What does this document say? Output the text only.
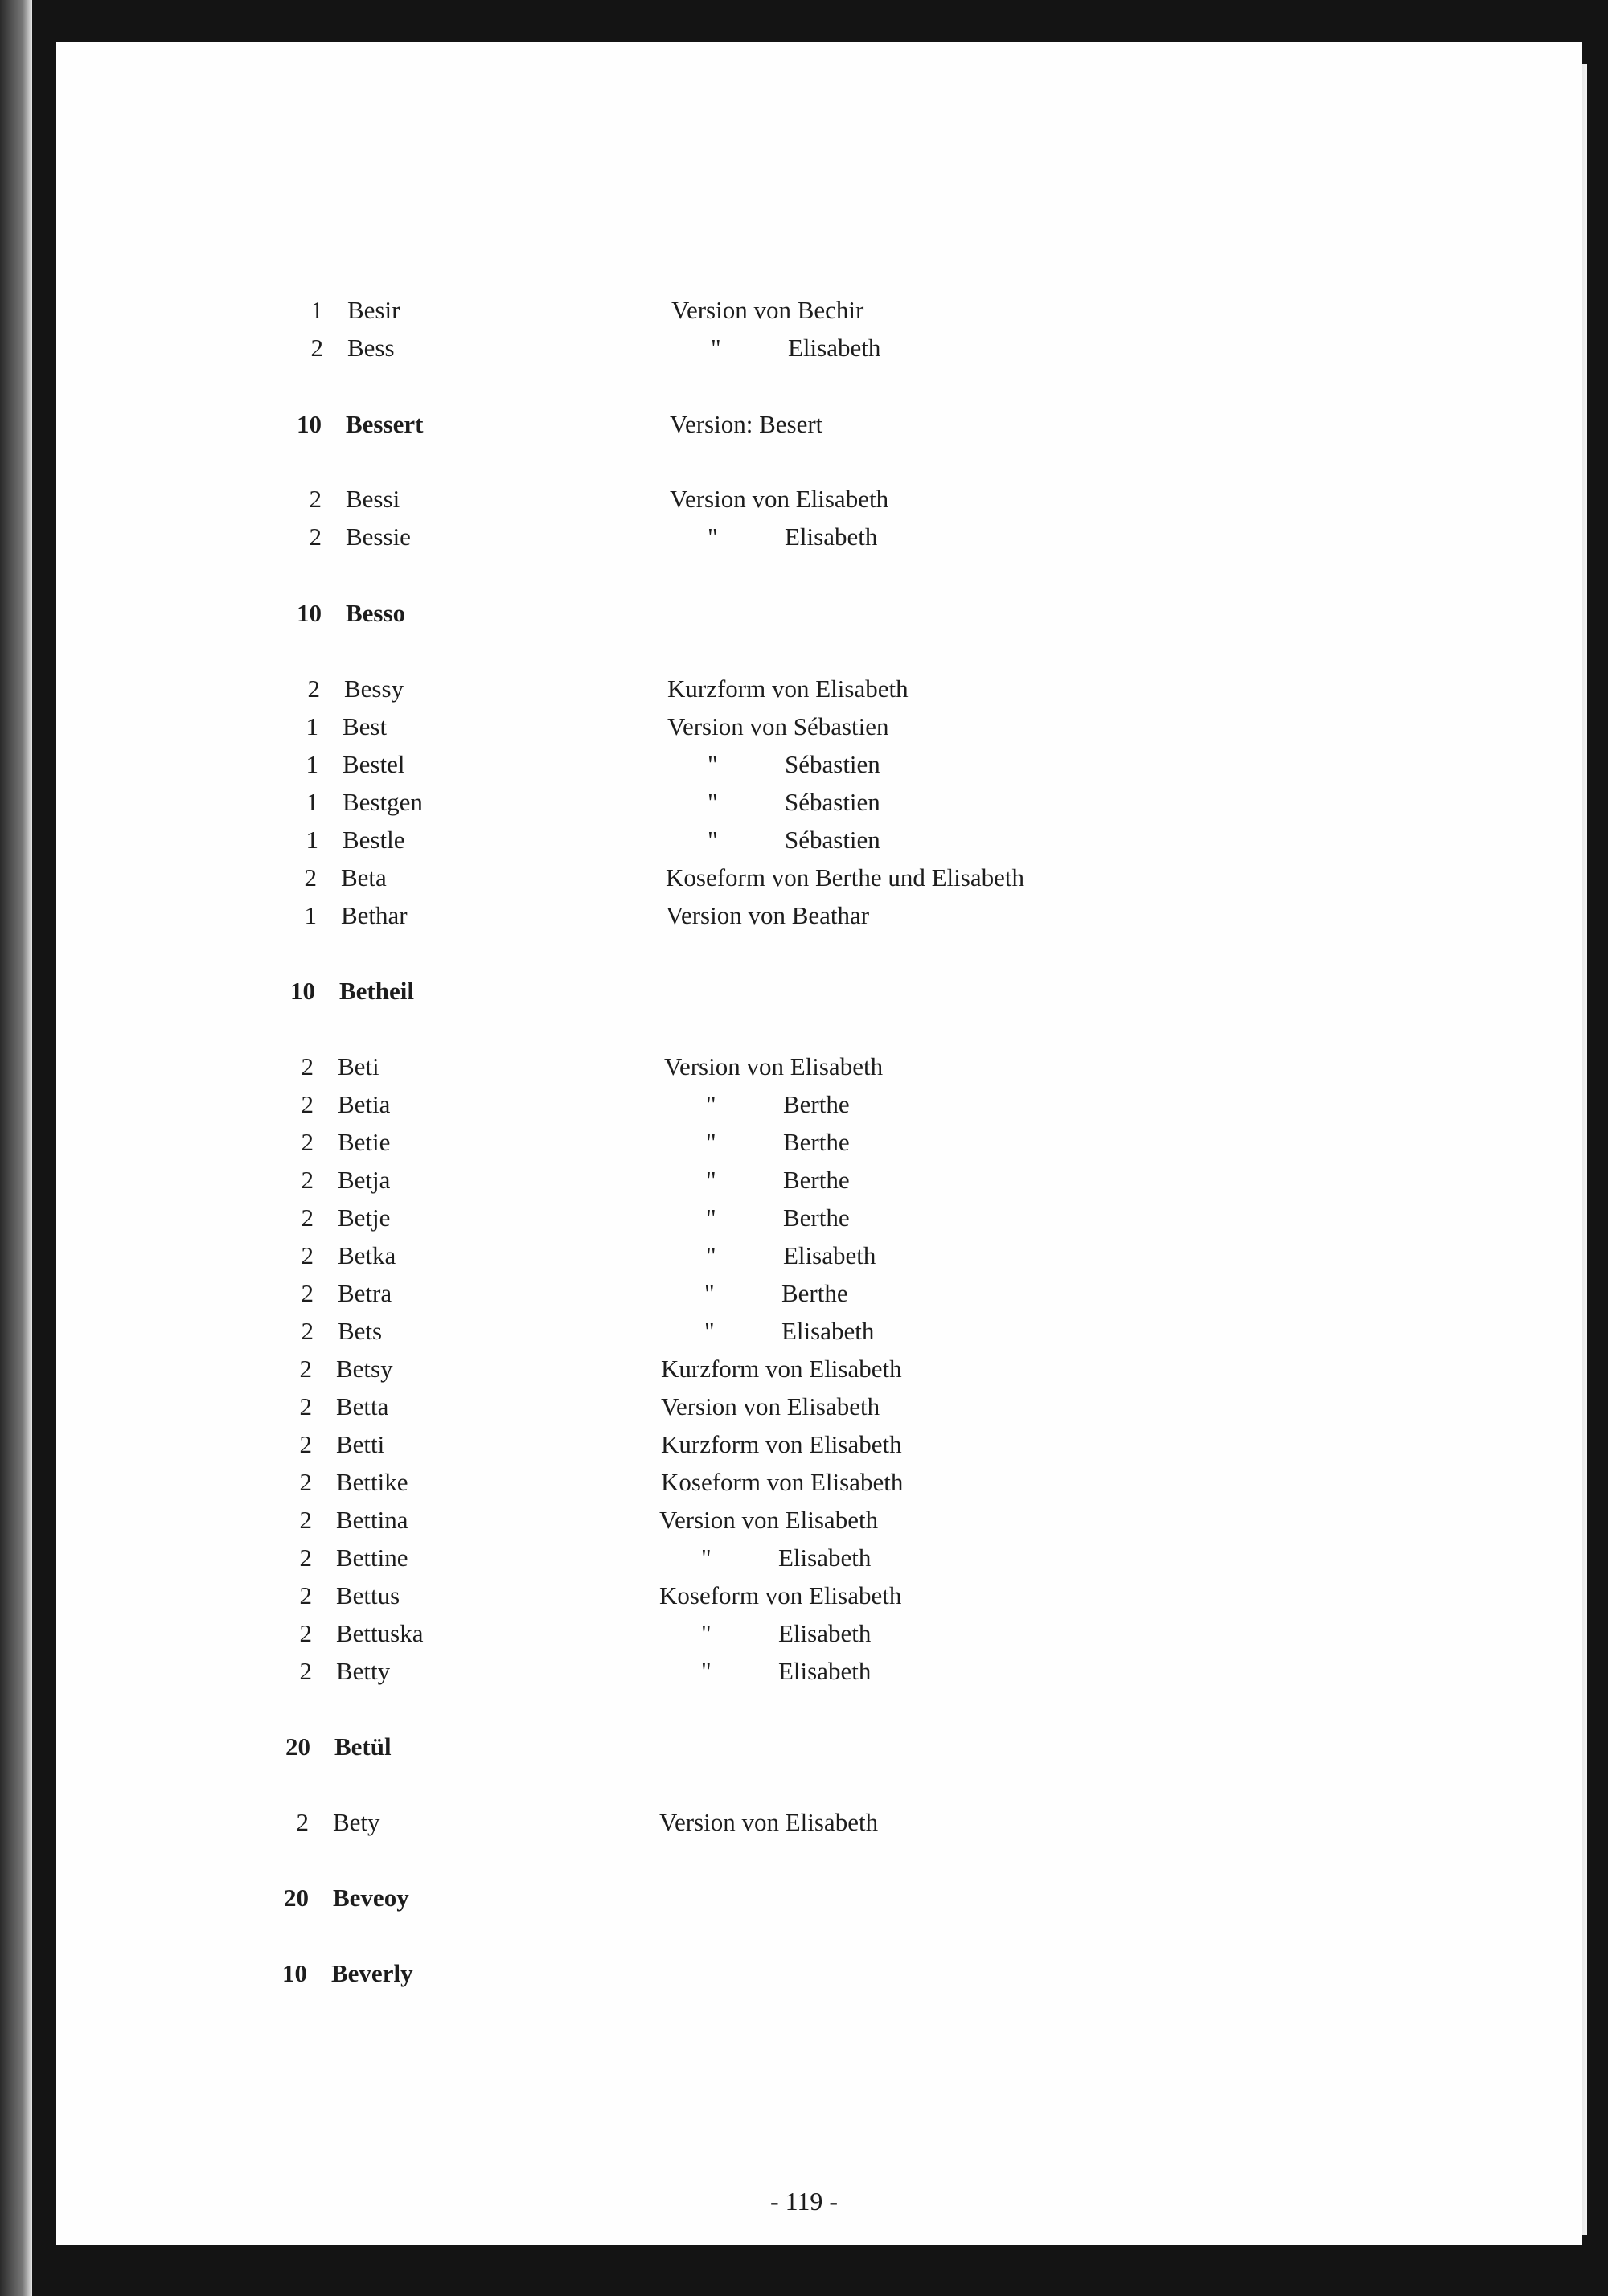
1 Besir	Version von Bechir
2 Bess	"	Elisabeth
10 Bessert	Version: Besert
2 Bessi	Version von Elisabeth
2 Bessie	"	Elisabeth
10 Besso
2 Bessy	Kurzform von Elisabeth
1 Best	Version von Sébastien
1 Bestel	"	Sébastien
1 Bestgen	"	Sébastien
1 Bestle	"	Sébastien
2 Beta	Koseform von Berthe und Elisabeth
1 Bethar	Version von Beathar
10 Betheil
2 Beti	Version von Elisabeth
2 Betia	"	Berthe
2 Betie	"	Berthe
2 Betja	"	Berthe
2 Betje	"	Berthe
2 Betka	"	Elisabeth
2 Betra	"	Berthe
2 Bets	"	Elisabeth
2 Betsy	Kurzform von Elisabeth
2 Betta	Version von Elisabeth
2 Betti	Kurzform von Elisabeth
2 Bettike	Koseform von Elisabeth
2 Bettina	Version von Elisabeth
2 Bettine	"	Elisabeth
2 Bettus	Koseform von Elisabeth
2 Bettuska	"	Elisabeth
2 Betty	"	Elisabeth
20 Betül
2 Bety	Version von Elisabeth
20 Beveoy
10 Beverly
- 119 -
